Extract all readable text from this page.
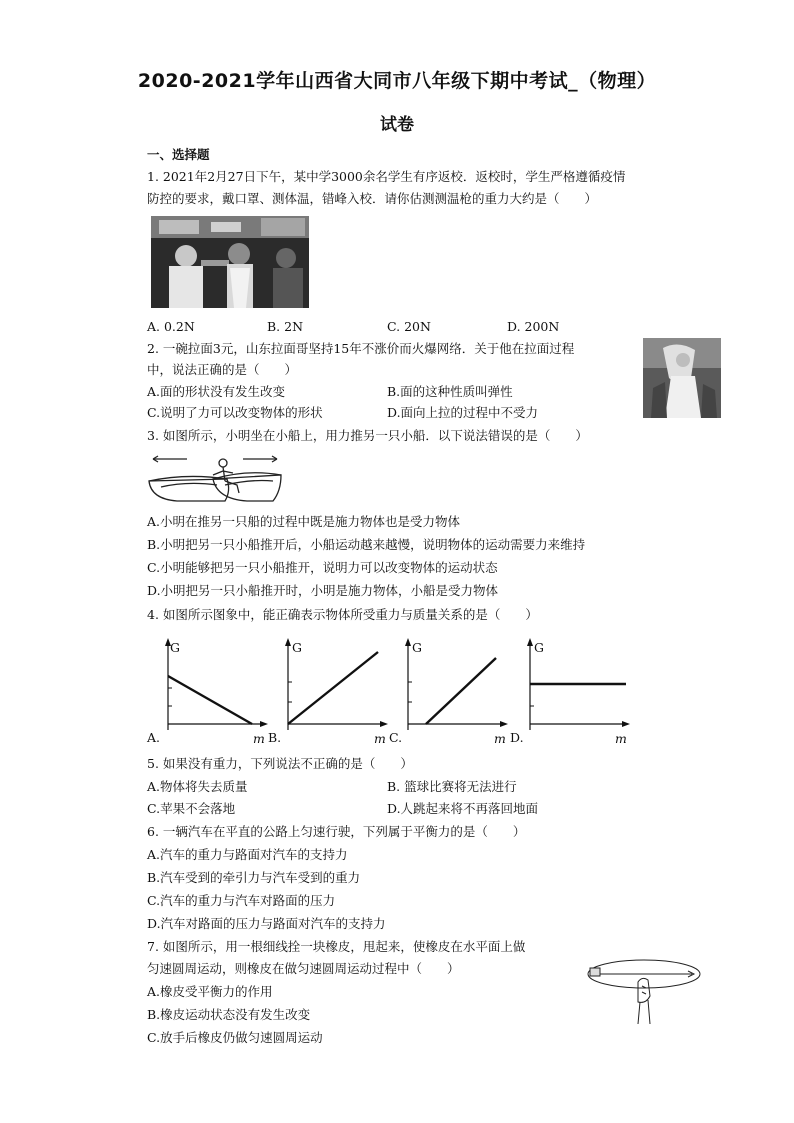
2020-2021学年山西省大同市八年级下期中考试_（物理）
试卷
一、选择题
1. 2021年2月27日下午，某中学3000余名学生有序返校．返校时，学生严格遵循疫情
防控的要求，戴口罩、测体温，错峰入校．请你估测测温枪的重力大约是（　　）
A. 0.2N	B. 2N	C. 20N	D. 200N
2. 一碗拉面3元，山东拉面哥坚持15年不涨价而火爆网络．关于他在拉面过程
中，说法正确的是（　　）
A.面的形状没有发生改变	B.面的这种性质叫弹性
C.说明了力可以改变物体的形状	D.面向上拉的过程中不受力
3. 如图所示，小明坐在小船上，用力推另一只小船．以下说法错误的是（　　）
A.小明在推另一只船的过程中既是施力物体也是受力物体
B.小明把另一只小船推开后，小船运动越来越慢，说明物体的运动需要力来维持
C.小明能够把另一只小船推开，说明力可以改变物体的运动状态
D.小明把另一只小船推开时，小明是施力物体，小船是受力物体
4. 如图所示图象中，能正确表示物体所受重力与质量关系的是（　　）
G
m
A.
G
m
B.
G
m
C.
G
m
D.
5. 如果没有重力，下列说法不正确的是（　　）
A.物体将失去质量	B. 篮球比赛将无法进行
C.苹果不会落地	D.人跳起来将不再落回地面
6. 一辆汽车在平直的公路上匀速行驶，下列属于平衡力的是（　　）
A.汽车的重力与路面对汽车的支持力
B.汽车受到的牵引力与汽车受到的重力
C.汽车的重力与汽车对路面的压力
D.汽车对路面的压力与路面对汽车的支持力
7. 如图所示，用一根细线拴一块橡皮，甩起来，使橡皮在水平面上做
匀速圆周运动，则橡皮在做匀速圆周运动过程中（　　）
A.橡皮受平衡力的作用
B.橡皮运动状态没有发生改变
C.放手后橡皮仍做匀速圆周运动
